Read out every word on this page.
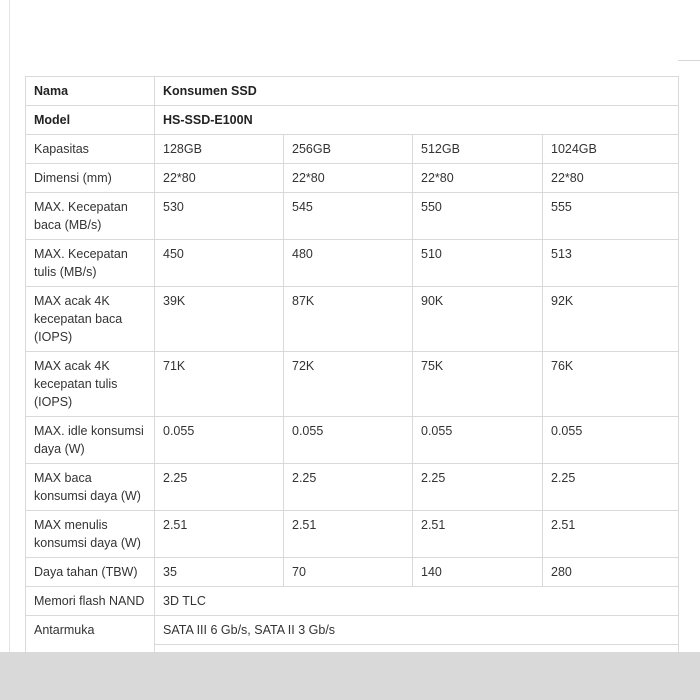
Nama	Konsumen SSD			
Model	HS-SSD-E100N			
Kapasitas	128GB	256GB	512GB	1024GB
Dimensi (mm)	22*80	22*80	22*80	22*80
MAX. Kecepatan baca (MB/s)	530	545	550	555
MAX. Kecepatan tulis (MB/s)	450	480	510	513
MAX acak 4K kecepatan baca (IOPS)	39K	87K	90K	92K
MAX acak 4K kecepatan tulis (IOPS)	71K	72K	75K	76K
MAX. idle konsumsi daya (W)	0.055	0.055	0.055	0.055
MAX baca konsumsi daya (W)	2.25	2.25	2.25	2.25
MAX menulis konsumsi daya (W)	2.51	2.51	2.51	2.51
Daya tahan (TBW)	35	70	140	280
Memori flash NAND	3D TLC			
Antarmuka	SATA III 6 Gb/s, SATA II 3 Gb/s			
